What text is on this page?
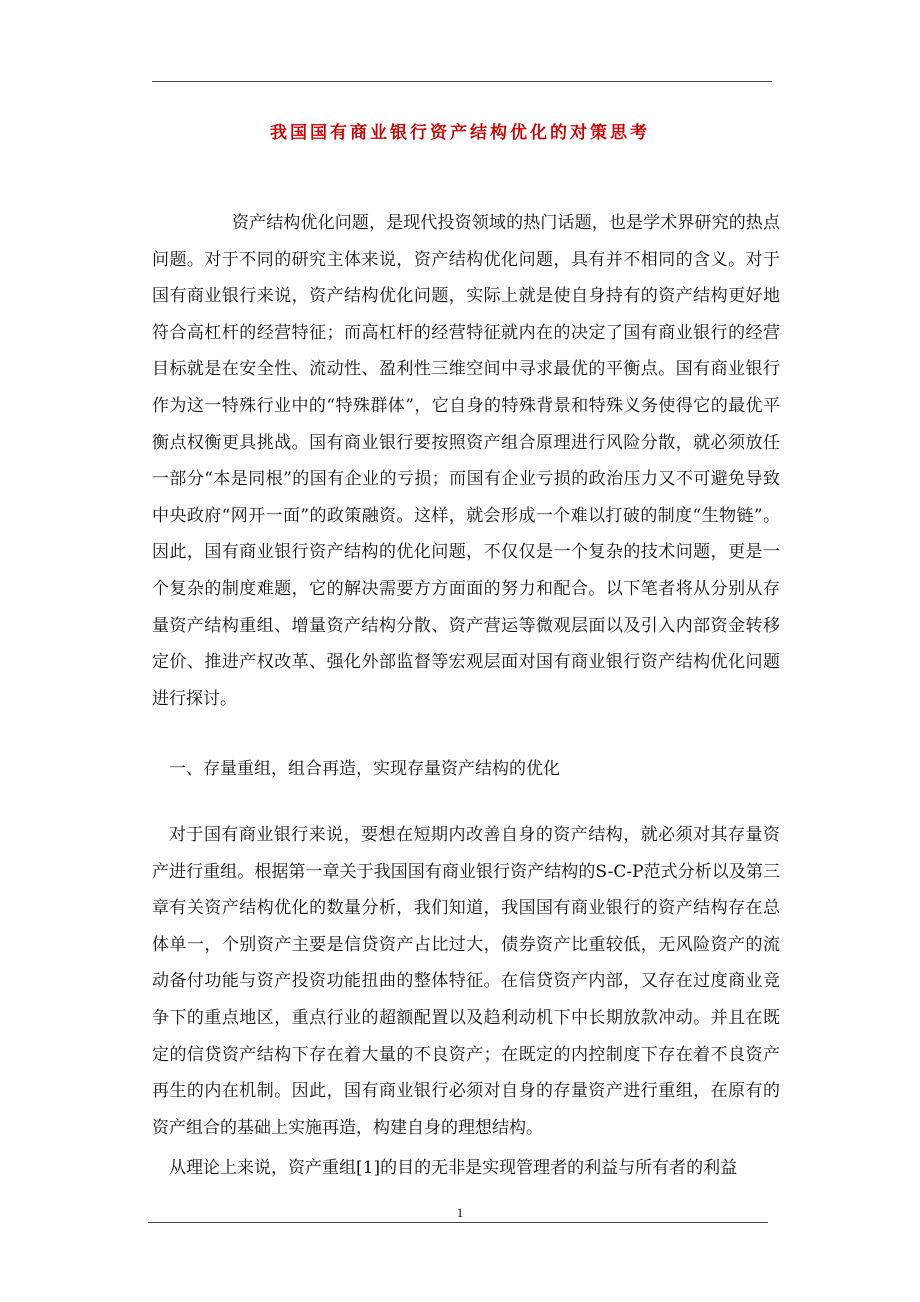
我国国有商业银行资产结构优化的对策思考

资产结构优化问题，是现代投资领域的热门话题，也是学术界研究的热点问题。对于不同的研究主体来说，资产结构优化问题，具有并不相同的含义。对于国有商业银行来说，资产结构优化问题，实际上就是使自身持有的资产结构更好地符合高杠杆的经营特征；而高杠杆的经营特征就内在的决定了国有商业银行的经营目标就是在安全性、流动性、盈利性三维空间中寻求最优的平衡点。国有商业银行作为这一特殊行业中的“特殊群体”，它自身的特殊背景和特殊义务使得它的最优平衡点权衡更具挑战。国有商业银行要按照资产组合原理进行风险分散，就必须放任一部分“本是同根”的国有企业的亏损；而国有企业亏损的政治压力又不可避免导致中央政府“网开一面”的政策融资。这样，就会形成一个难以打破的制度“生物链”。因此，国有商业银行资产结构的优化问题，不仅仅是一个复杂的技术问题，更是一个复杂的制度难题，它的解决需要方方面面的努力和配合。以下笔者将从分别从存量资产结构重组、增量资产结构分散、资产营运等微观层面以及引入内部资金转移定价、推进产权改革、强化外部监督等宏观层面对国有商业银行资产结构优化问题进行探讨。

一、存量重组，组合再造，实现存量资产结构的优化

对于国有商业银行来说，要想在短期内改善自身的资产结构，就必须对其存量资产进行重组。根据第一章关于我国国有商业银行资产结构的S-C-P范式分析以及第三章有关资产结构优化的数量分析，我们知道，我国国有商业银行的资产结构存在总体单一，个别资产主要是信贷资产占比过大，债券资产比重较低，无风险资产的流动备付功能与资产投资功能扭曲的整体特征。在信贷资产内部，又存在过度商业竞争下的重点地区，重点行业的超额配置以及趋利动机下中长期放款冲动。并且在既定的信贷资产结构下存在着大量的不良资产；在既定的内控制度下存在着不良资产再生的内在机制。因此，国有商业银行必须对自身的存量资产进行重组，在原有的资产组合的基础上实施再造，构建自身的理想结构。

从理论上来说，资产重组[1]的目的无非是实现管理者的利益与所有者的利益

1
